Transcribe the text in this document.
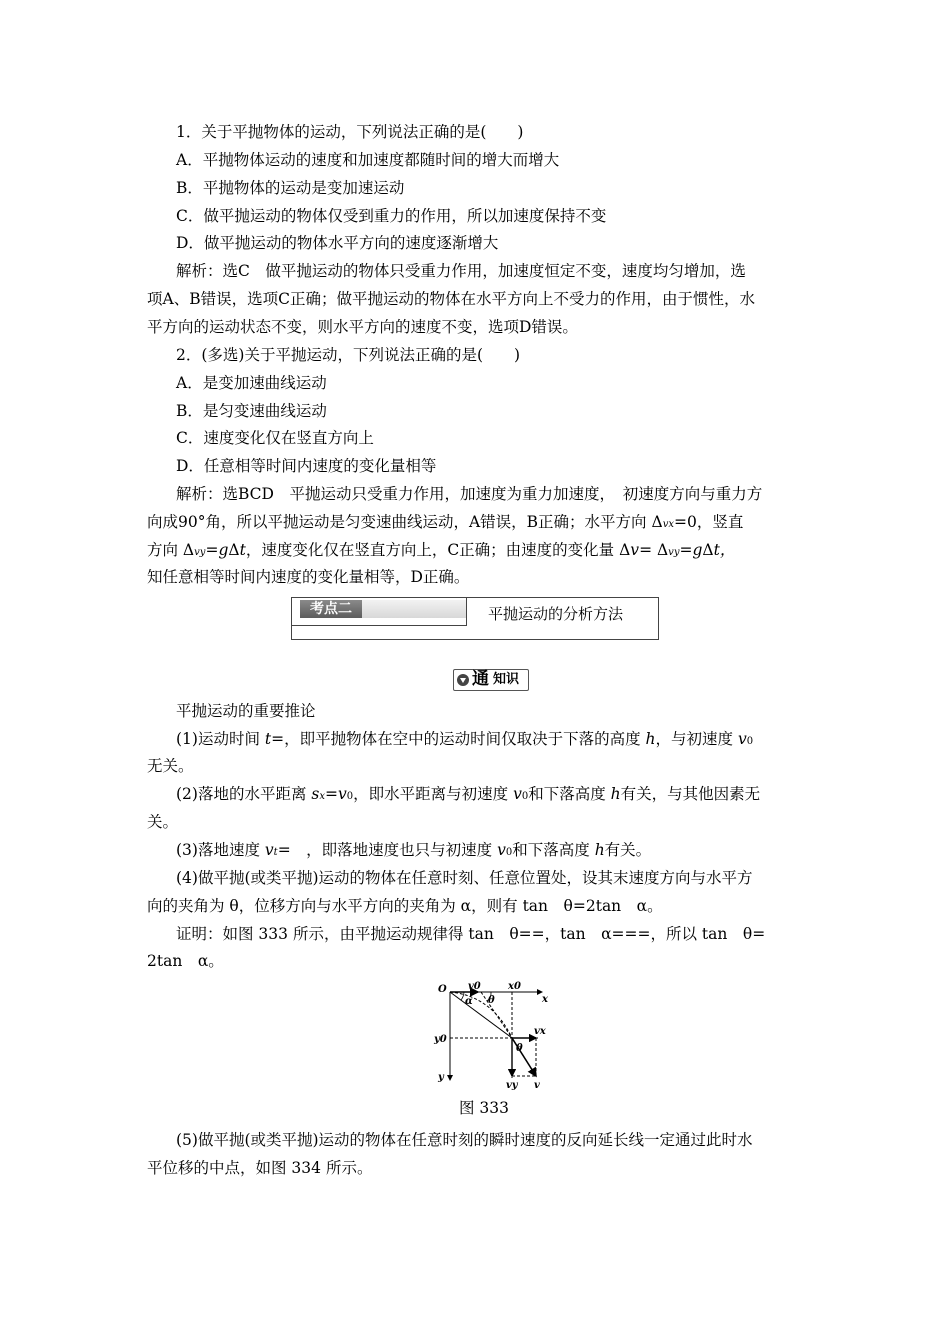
1．关于平抛物体的运动，下列说法正确的是(　　)
A．平抛物体运动的速度和加速度都随时间的增大而增大
B．平抛物体的运动是变加速运动
C．做平抛运动的物体仅受到重力的作用，所以加速度保持不变
D．做平抛运动的物体水平方向的速度逐渐增大
解析：选C　做平抛运动的物体只受重力作用，加速度恒定不变，速度均匀增加，选
项A、B错误，选项C正确；做平抛运动的物体在水平方向上不受力的作用，由于惯性，水
平方向的运动状态不变，则水平方向的速度不变，选项D错误。
2．(多选)关于平抛运动，下列说法正确的是(　　)
A．是变加速曲线运动
B．是匀变速曲线运动
C．速度变化仅在竖直方向上
D．任意相等时间内速度的变化量相等
解析：选BCD　平抛运动只受重力作用，加速度为重力加速度，　初速度方向与重力方
向成90°角，所以平抛运动是匀变速曲线运动，A错误，B正确；水平方向 Δvx=0，竖直
方向 Δvy=gΔt，速度变化仅在竖直方向上，C正确；由速度的变化量 Δv= Δvy=gΔt，
知任意相等时间内速度的变化量相等，D正确。
考点二	平抛运动的分析方法
通 知识
平抛运动的重要推论
(1)运动时间 t=，即平抛物体在空中的运动时间仅取决于下落的高度 h，与初速度 v0
无关。
(2)落地的水平距离 sx=v0，即水平距离与初速度 v0和下落高度 h有关，与其他因素无
关。
(3)落地速度 vt=　，即落地速度也只与初速度 v0和下落高度 h有关。
(4)做平抛(或类平抛)运动的物体在任意时刻、任意位置处，设其末速度方向与水平方
向的夹角为 θ，位移方向与水平方向的夹角为 α，则有 tan　θ=2tan　α。
证明：如图 333 所示，由平抛运动规律得 tan　θ==，tan　α===，所以 tan　θ=
2tan　α。
O v0	x0
x
α θ
vx
y0
θ
y
vy v
图 333
(5)做平抛(或类平抛)运动的物体在任意时刻的瞬时速度的反向延长线一定通过此时水
平位移的中点，如图 334 所示。
